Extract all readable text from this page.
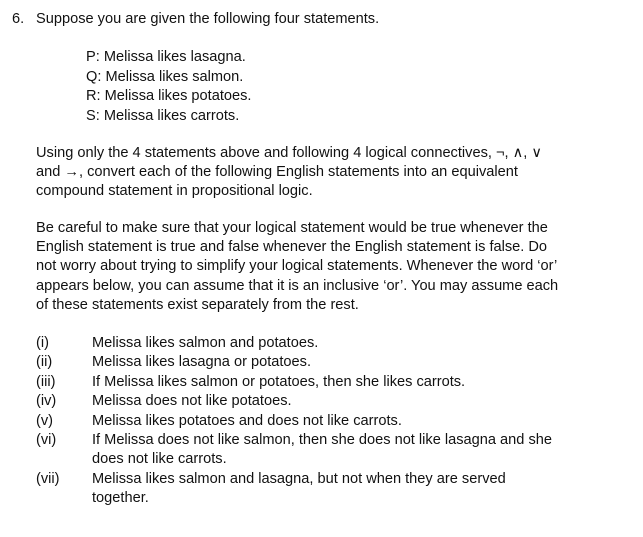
6. Suppose you are given the following four statements.
P: Melissa likes lasagna.
Q: Melissa likes salmon.
R: Melissa likes potatoes.
S: Melissa likes carrots.
Using only the 4 statements above and following 4 logical connectives, ¬, ∧, ∨
and →, convert each of the following English statements into an equivalent
compound statement in propositional logic.
Be careful to make sure that your logical statement would be true whenever the
English statement is true and false whenever the English statement is false. Do
not worry about trying to simplify your logical statements. Whenever the word ‘or’
appears below, you can assume that it is an inclusive ‘or’. You may assume each
of these statements exist separately from the rest.
(i)	Melissa likes salmon and potatoes.
(ii)	Melissa likes lasagna or potatoes.
(iii)	If Melissa likes salmon or potatoes, then she likes carrots.
(iv)	Melissa does not like potatoes.
(v)	Melissa likes potatoes and does not like carrots.
(vi)	If Melissa does not like salmon, then she does not like lasagna and she
does not like carrots.
(vii)	Melissa likes salmon and lasagna, but not when they are served
together.
